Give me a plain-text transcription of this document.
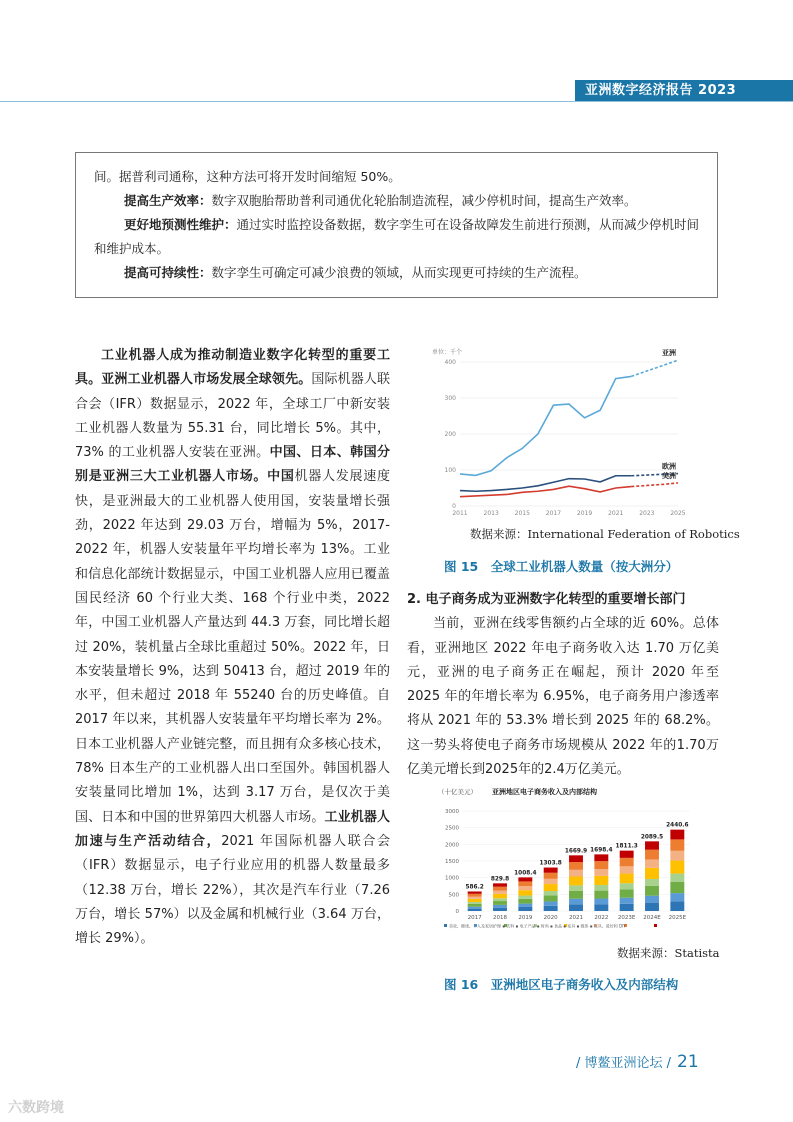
亚洲数字经济报告 2023

间。据普利司通称，这种方法可将开发时间缩短 50%。

提高生产效率：数字双胞胎帮助普利司通优化轮胎制造流程，减少停机时间，提高生产效率。

更好地预测性维护：通过实时监控设备数据，数字孪生可在设备故障发生前进行预测，从而减少停机时间和维护成本。

提高可持续性：数字孪生可确定可减少浪费的领域，从而实现更可持续的生产流程。

工业机器人成为推动制造业数字化转型的重要工具。亚洲工业机器人市场发展全球领先。国际机器人联合会（IFR）数据显示，2022 年，全球工厂中新安装工业机器人数量为 55.31 台，同比增长 5%。其中，73% 的工业机器人安装在亚洲。中国、日本、韩国分别是亚洲三大工业机器人市场。中国机器人发展速度快，是亚洲最大的工业机器人使用国，安装量增长强劲，2022 年达到 29.03 万台，增幅为 5%，2017-2022 年，机器人安装量年平均增长率为 13%。工业和信息化部统计数据显示，中国工业机器人应用已覆盖国民经济 60 个行业大类、168 个行业中类，2022 年，中国工业机器人产量达到 44.3 万套，同比增长超过 20%，装机量占全球比重超过 50%。2022 年，日本安装量增长 9%，达到 50413 台，超过 2019 年的水平，但未超过 2018 年 55240 台的历史峰值。自 2017 年以来，其机器人安装量年平均增长率为 2%。日本工业机器人产业链完整，而且拥有众多核心技术，78% 日本生产的工业机器人出口至国外。韩国机器人安装量同比增加 1%，达到 3.17 万台，是仅次于美国、日本和中国的世界第四大机器人市场。工业机器人加速与生产活动结合，2021 年国际机器人联合会（IFR）数据显示，电子行业应用的机器人数量最多（12.38 万台，增长 22%），其次是汽车行业（7.26 万台，增长 57%）以及金属和机械行业（3.64 万台，增长 29%）。

单位：千个
0
100
200
300
400
2011	2013	2015	2017	2019	2021	2023	2025
亚洲
欧洲
美洲
数据来源：International Federation of Robotics
图 15　全球工业机器人数量（按大洲分）
2. 电子商务成为亚洲数字化转型的重要增长部门

当前，亚洲在线零售额约占全球的近 60%。总体看，亚洲地区 2022 年电子商务收入达 1.70 万亿美元，亚洲的电子商务正在崛起，预计 2020 年至 2025 年的年增长率为 6.95%，电子商务用户渗透率将从 2021 年的 53.3% 增长到 2025 年的 68.2%。这一势头将使电子商务市场规模从 2022 年的1.70万亿美元增长到2025年的2.4万亿美元。

（十亿美元） 亚洲地区电子商务收入及内部结构
0
500
1000
1500
2000
2500
3000
586.2
2017
829.8
2018
1008.4
2019
1303.8
2020
1669.9
2021
1698.4
2022
1811.3
2023E
2089.5
2024E
2440.6
2025E
美妆、健康、个人及家居护理 ▪ 饮料 ▪ 电子产品 ▪ 时尚 ▪ 食品 ▪ 家具 ▪ 媒体 ▪ 玩具、爱好和 DIY
数据来源：Statista
图 16　亚洲地区电子商务收入及内部结构
/ 博鳌亚洲论坛 / 21
六数跨境
